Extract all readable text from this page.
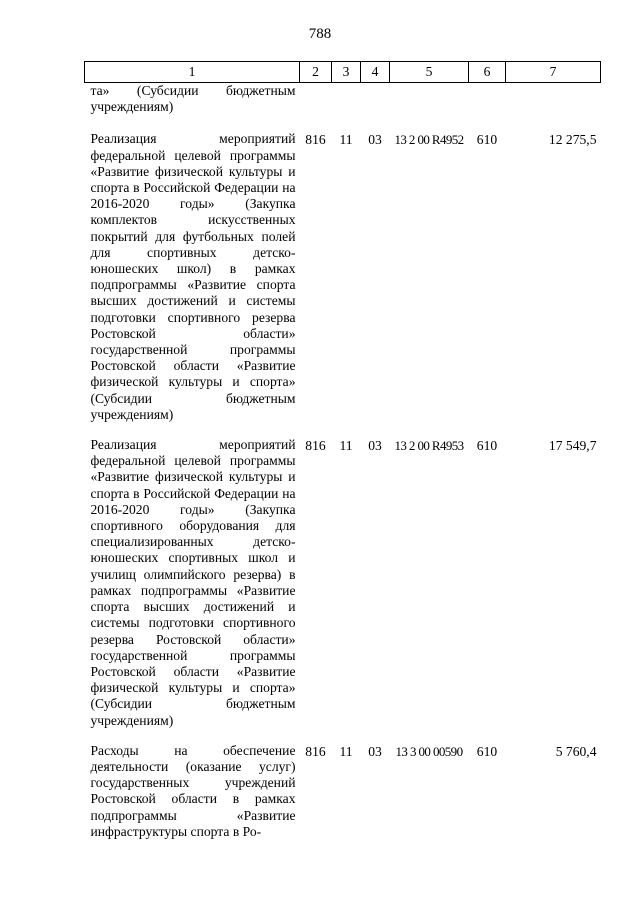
788
1	2	3	4	5	6	7
та» (Субсидии бюджетным учреждениям)						
Реализация мероприятий федеральной целевой программы «Развитие физической культуры и спорта в Российской Федерации на 2016-2020 годы» (Закупка комплектов искусственных покрытий для футбольных полей для спортивных детско-юношеских школ) в рамках подпрограммы «Развитие спорта высших достижений и системы подготовки спортивного резерва Ростовской области» государственной программы Ростовской области «Развитие физической культуры и спорта» (Субсидии бюджетным учреждениям)	816	11	03	13 2 00 R4952	610	12 275,5
Реализация мероприятий федеральной целевой программы «Развитие физической культуры и спорта в Российской Федерации на 2016-2020 годы» (Закупка спортивного оборудования для специализированных детско-юношеских спортивных школ и училищ олимпийского резерва) в рамках подпрограммы «Развитие спорта высших достижений и системы подготовки спортивного резерва Ростовской области» государственной программы Ростовской области «Развитие физической культуры и спорта» (Субсидии бюджетным учреждениям)	816	11	03	13 2 00 R4953	610	17 549,7
Расходы на обеспечение деятельности (оказание услуг) государственных учреждений Ростовской области в рамках подпрограммы «Развитие инфраструктуры спорта в Ро-	816	11	03	13 3 00 00590	610	5 760,4
